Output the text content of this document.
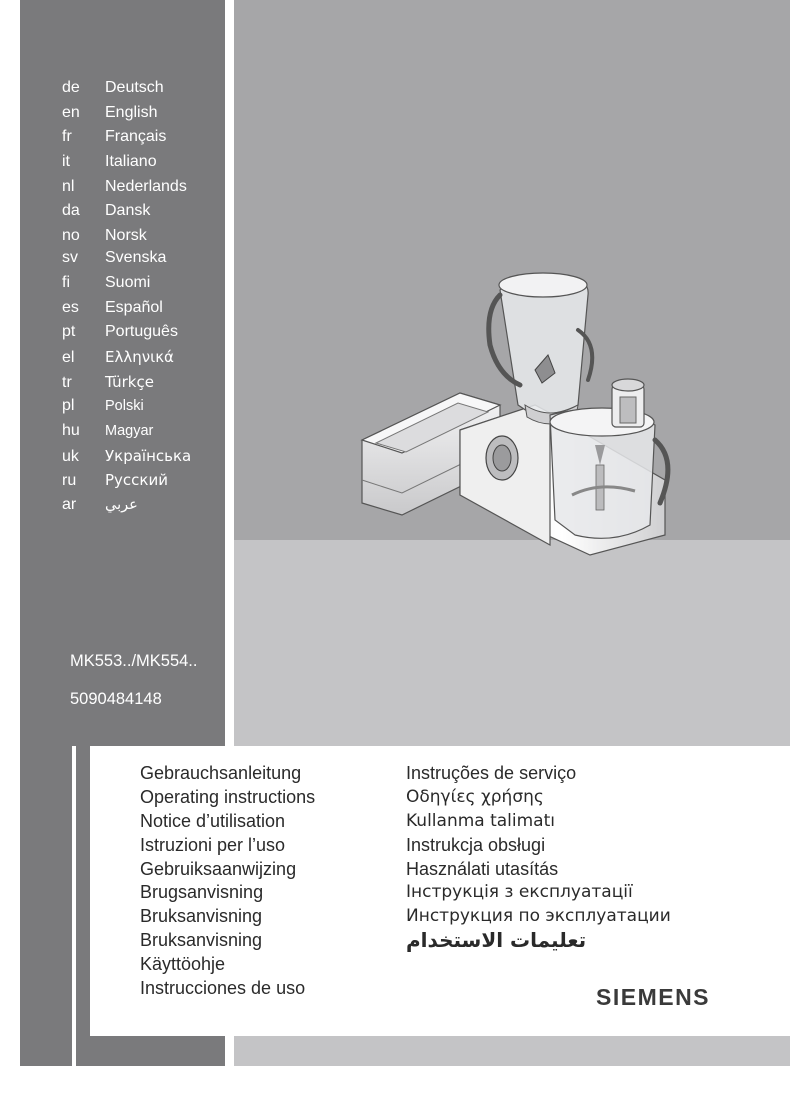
de Deutsch
en English
fr Français
it Italiano
nl Nederlands
da Dansk
no Norsk
sv Svenska
fi Suomi
es Español
pt Português
el Ελληνικά
tr Türkçe
pl Polski
hu Magyar
uk Українська
ru Русский
ar عربي
MK553../MK554..
5090484148
Gebrauchsanleitung
Operating instructions
Notice d’utilisation
Istruzioni per l’uso
Gebruiksaanwijzing
Brugsanvisning
Bruksanvisning
Bruksanvisning
Käyttöohje
Instrucciones de uso
Instruções de serviço
Οδηγίες χρήσης
Kullanma talimatı
Instrukcja obsługi
Használati utasítás
Інструкція з експлуатації
Инструкция по эксплуатации
تعليمات الاستخدام
SIEMENS
